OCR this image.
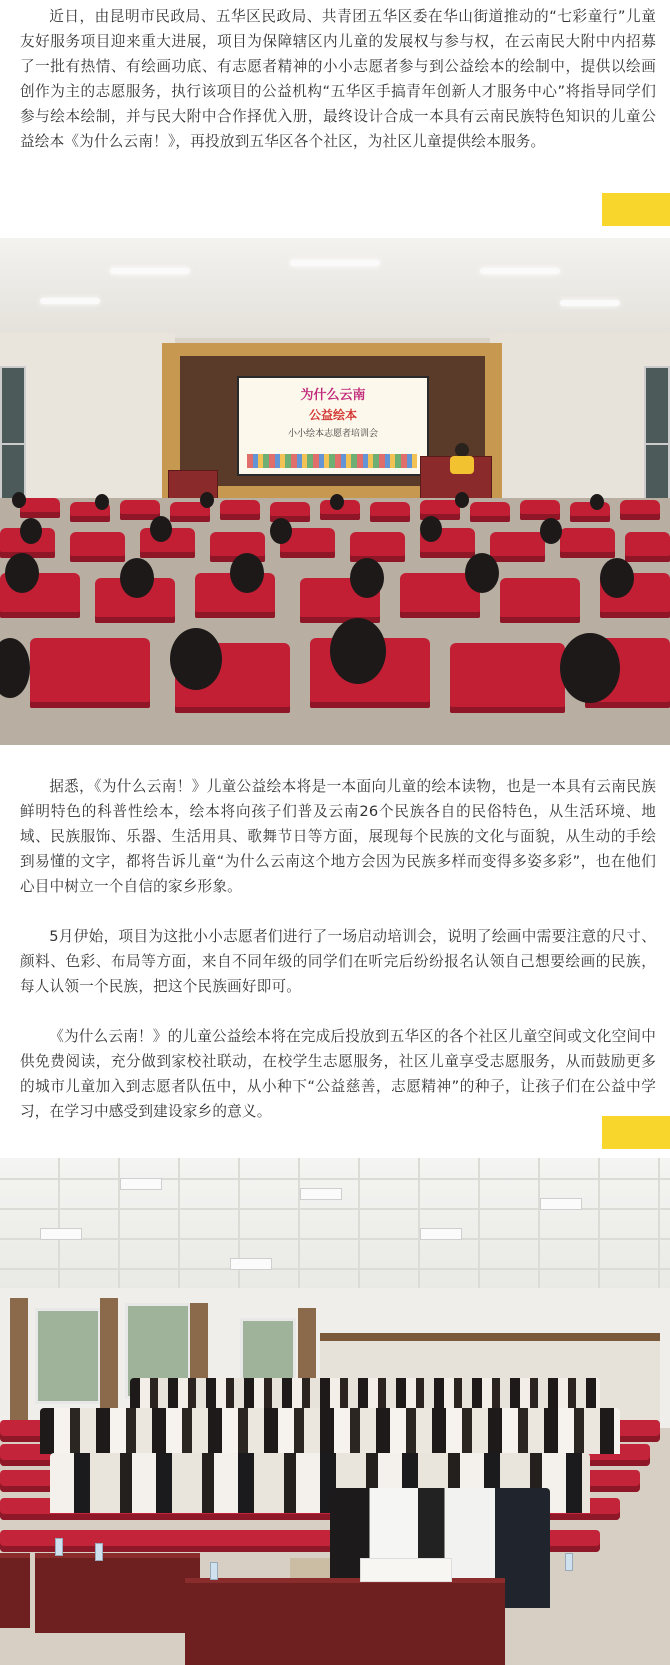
近日，由昆明市民政局、五华区民政局、共青团五华区委在华山街道推动的“七彩童行”儿童友好服务项目迎来重大进展，项目为保障辖区内儿童的发展权与参与权，在云南民大附中内招募了一批有热情、有绘画功底、有志愿者精神的小小志愿者参与到公益绘本的绘制中，提供以绘画创作为主的志愿服务，执行该项目的公益机构“五华区手搞青年创新人才服务中心”将指导同学们参与绘本绘制，并与民大附中合作择优入册，最终设计合成一本具有云南民族特色知识的儿童公益绘本《为什么云南！》，再投放到五华区各个社区，为社区儿童提供绘本服务。

为什么云南
公益绘本
小小绘本志愿者培训会

据悉，《为什么云南！》儿童公益绘本将是一本面向儿童的绘本读物，也是一本具有云南民族鲜明特色的科普性绘本，绘本将向孩子们普及云南26个民族各自的民俗特色，从生活环境、地域、民族服饰、乐器、生活用具、歌舞节日等方面，展现每个民族的文化与面貌，从生动的手绘到易懂的文字，都将告诉儿童“为什么云南这个地方会因为民族多样而变得多姿多彩”，也在他们心目中树立一个自信的家乡形象。

5月伊始，项目为这批小小志愿者们进行了一场启动培训会，说明了绘画中需要注意的尺寸、颜料、色彩、布局等方面，来自不同年级的同学们在听完后纷纷报名认领自己想要绘画的民族，每人认领一个民族，把这个民族画好即可。

《为什么云南！》的儿童公益绘本将在完成后投放到五华区的各个社区儿童空间或文化空间中供免费阅读，充分做到家校社联动，在校学生志愿服务，社区儿童享受志愿服务，从而鼓励更多的城市儿童加入到志愿者队伍中，从小种下“公益慈善，志愿精神”的种子，让孩子们在公益中学习，在学习中感受到建设家乡的意义。
